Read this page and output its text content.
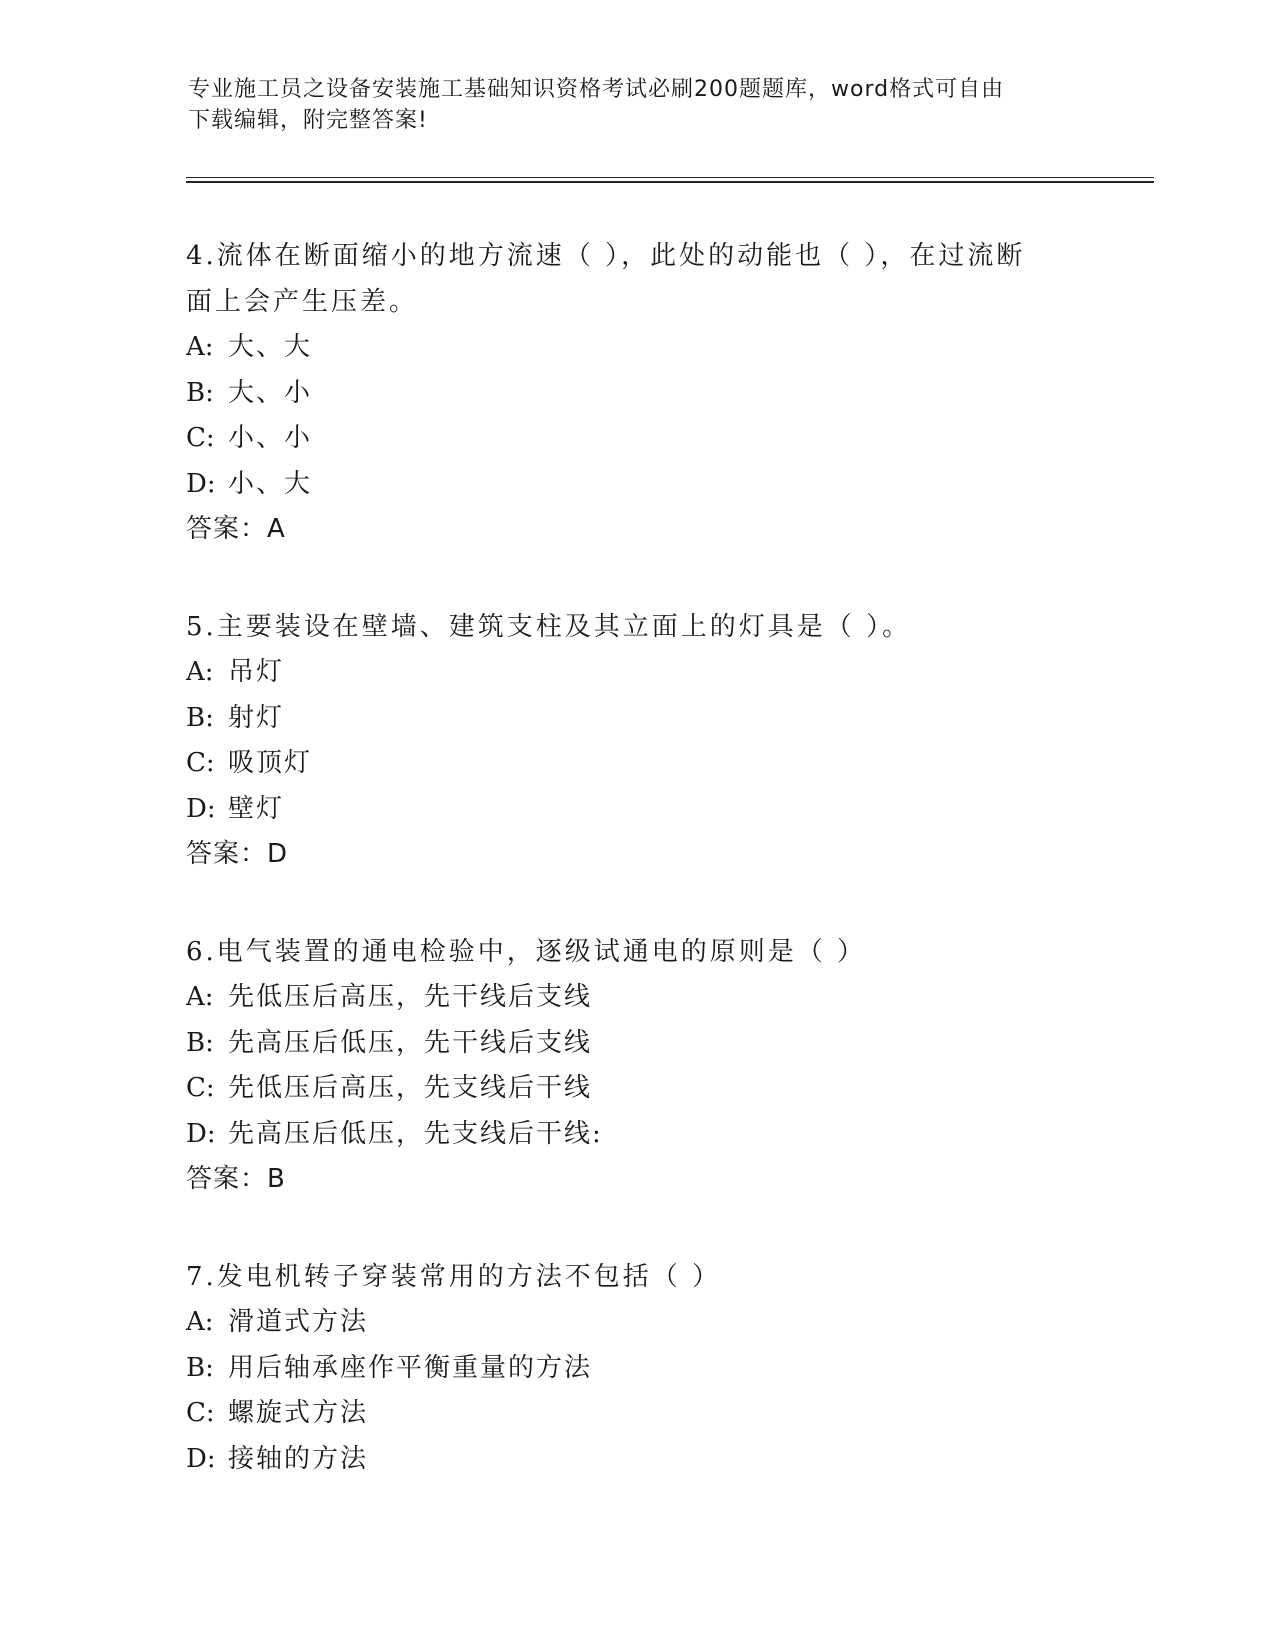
专业施工员之设备安装施工基础知识资格考试必刷200题题库，word格式可自由
下载编辑，附完整答案!

4.流体在断面缩小的地方流速（ ），此处的动能也（ ），在过流断

面上会产生压差。

A: 大、大

B: 大、小

C: 小、小

D: 小、大

答案：A

5.主要装设在壁墙、建筑支柱及其立面上的灯具是（ ）。

A: 吊灯

B: 射灯

C: 吸顶灯

D: 壁灯

答案：D

6.电气装置的通电检验中，逐级试通电的原则是（ ）

A: 先低压后高压，先干线后支线

B: 先高压后低压，先干线后支线

C: 先低压后高压，先支线后干线

D: 先高压后低压，先支线后干线:

答案：B

7.发电机转子穿装常用的方法不包括（ ）

A: 滑道式方法

B: 用后轴承座作平衡重量的方法

C: 螺旋式方法

D: 接轴的方法
